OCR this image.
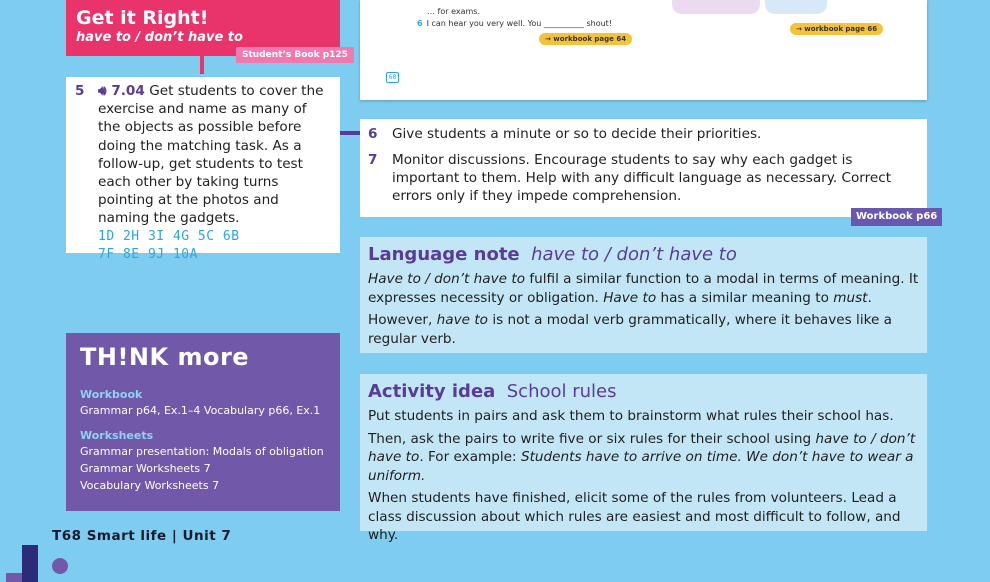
… for exams.
6 I can hear you very well. You __________ shout!
→ workbook page 64
→ workbook page 66
68
Get it Right!
have to / don’t have to
Student’s Book p125
5 🔊︎ 7.04 Get students to cover the exercise and name as many of the objects as possible before doing the matching task. As a follow-up, get students to test each other by taking turns pointing at the photos and naming the gadgets.
1D 2H 3I 4G 5C 6B
7F 8E 9J 10A
6 Give students a minute or so to decide their priorities.
7 Monitor discussions. Encourage students to say why each gadget is important to them. Help with any difficult language as necessary. Correct errors only if they impede comprehension.
Workbook p66
Language note have to / don’t have to

Have to / don’t have to fulfil a similar function to a modal in terms of meaning. It expresses necessity or obligation. Have to has a similar meaning to must.

However, have to is not a modal verb grammatically, where it behaves like a regular verb.

Activity idea School rules

Put students in pairs and ask them to brainstorm what rules their school has.

Then, ask the pairs to write five or six rules for their school using have to / don’t have to. For example: Students have to arrive on time. We don’t have to wear a uniform.

When students have finished, elicit some of the rules from volunteers. Lead a class discussion about which rules are easiest and most difficult to follow, and why.

TH!NK more
Workbook
Grammar p64, Ex.1–4 Vocabulary p66, Ex.1
Worksheets
Grammar presentation: Modals of obligation
Grammar Worksheets 7
Vocabulary Worksheets 7
T68 Smart life | Unit 7
